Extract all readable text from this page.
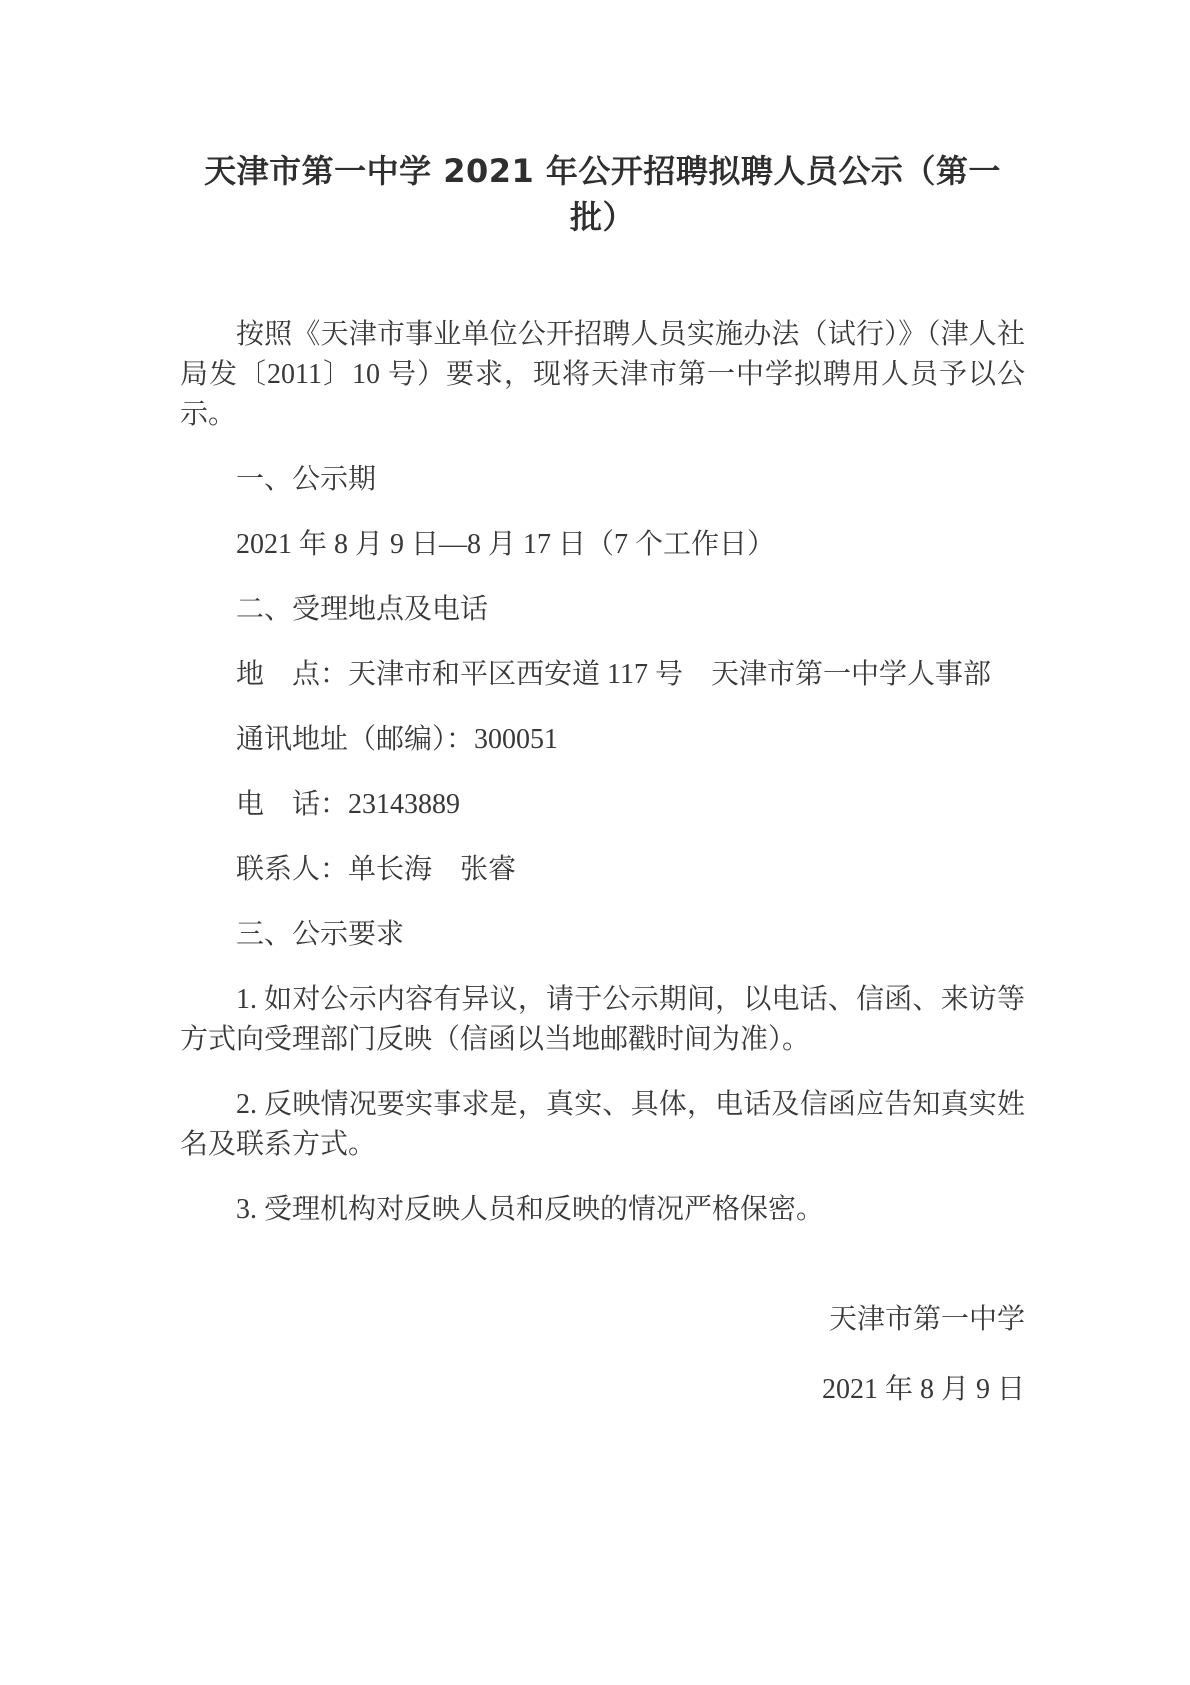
天津市第一中学 2021 年公开招聘拟聘人员公示（第一批）

按照《天津市事业单位公开招聘人员实施办法（试行）》（津人社局发〔2011〕10 号）要求，现将天津市第一中学拟聘用人员予以公示。

一、公示期

2021 年 8 月 9 日—8 月 17 日（7 个工作日）

二、受理地点及电话

地　点：天津市和平区西安道 117 号　天津市第一中学人事部

通讯地址（邮编）：300051

电　话：23143889

联系人：单长海　张睿

三、公示要求

1. 如对公示内容有异议，请于公示期间，以电话、信函、来访等方式向受理部门反映（信函以当地邮戳时间为准）。

2. 反映情况要实事求是，真实、具体，电话及信函应告知真实姓名及联系方式。

3. 受理机构对反映人员和反映的情况严格保密。

天津市第一中学

2021 年 8 月 9 日
